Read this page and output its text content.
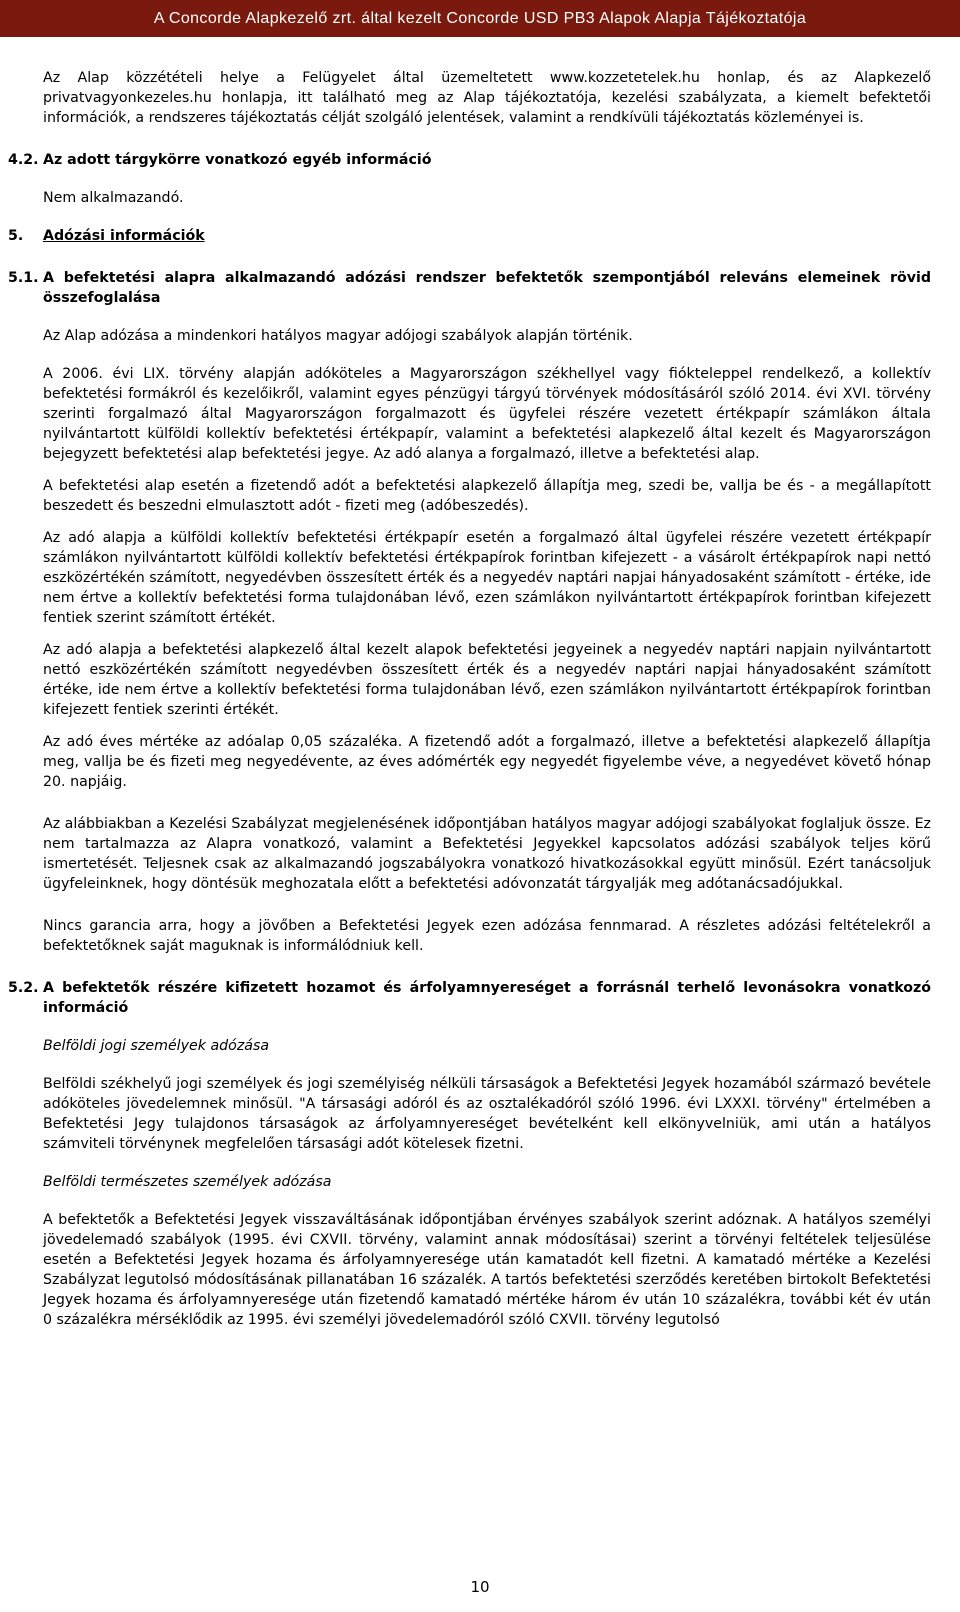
A Concorde Alapkezelő zrt. által kezelt Concorde USD PB3 Alapok Alapja Tájékoztatója

Az Alap közzétételi helye a Felügyelet által üzemeltetett www.kozzetetelek.hu honlap, és az Alapkezelő privatvagyonkezeles.hu honlapja, itt található meg az Alap tájékoztatója, kezelési szabályzata, a kiemelt befektetői információk, a rendszeres tájékoztatás célját szolgáló jelentések, valamint a rendkívüli tájékoztatás közleményei is.

4.2. Az adott tárgykörre vonatkozó egyéb információ

Nem alkalmazandó.

5. Adózási információk
5.1. A befektetési alapra alkalmazandó adózási rendszer befektetők szempontjából releváns elemeinek rövid összefoglalása

Az Alap adózása a mindenkori hatályos magyar adójogi szabályok alapján történik.

A 2006. évi LIX. törvény alapján adóköteles a Magyarországon székhellyel vagy fiókteleppel rendelkező, a kollektív befektetési formákról és kezelőikről, valamint egyes pénzügyi tárgyú törvények módosításáról szóló 2014. évi XVI. törvény szerinti forgalmazó által Magyarországon forgalmazott és ügyfelei részére vezetett értékpapír számlákon általa nyilvántartott külföldi kollektív befektetési értékpapír, valamint a befektetési alapkezelő által kezelt és Magyarországon bejegyzett befektetési alap befektetési jegye. Az adó alanya a forgalmazó, illetve a befektetési alap.

A befektetési alap esetén a fizetendő adót a befektetési alapkezelő állapítja meg, szedi be, vallja be és - a megállapított beszedett és beszedni elmulasztott adót - fizeti meg (adóbeszedés).

Az adó alapja a külföldi kollektív befektetési értékpapír esetén a forgalmazó által ügyfelei részére vezetett értékpapír számlákon nyilvántartott külföldi kollektív befektetési értékpapírok forintban kifejezett - a vásárolt értékpapírok napi nettó eszközértékén számított, negyedévben összesített érték és a negyedév naptári napjai hányadosaként számított - értéke, ide nem értve a kollektív befektetési forma tulajdonában lévő, ezen számlákon nyilvántartott értékpapírok forintban kifejezett fentiek szerint számított értékét.

Az adó alapja a befektetési alapkezelő által kezelt alapok befektetési jegyeinek a negyedév naptári napjain nyilvántartott nettó eszközértékén számított negyedévben összesített érték és a negyedév naptári napjai hányadosaként számított értéke, ide nem értve a kollektív befektetési forma tulajdonában lévő, ezen számlákon nyilvántartott értékpapírok forintban kifejezett fentiek szerinti értékét.

Az adó éves mértéke az adóalap 0,05 százaléka. A fizetendő adót a forgalmazó, illetve a befektetési alapkezelő állapítja meg, vallja be és fizeti meg negyedévente, az éves adómérték egy negyedét figyelembe véve, a negyedévet követő hónap 20. napjáig.

Az alábbiakban a Kezelési Szabályzat megjelenésének időpontjában hatályos magyar adójogi szabályokat foglaljuk össze. Ez nem tartalmazza az Alapra vonatkozó, valamint a Befektetési Jegyekkel kapcsolatos adózási szabályok teljes körű ismertetését. Teljesnek csak az alkalmazandó jogszabályokra vonatkozó hivatkozásokkal együtt minősül. Ezért tanácsoljuk ügyfeleinknek, hogy döntésük meghozatala előtt a befektetési adóvonzatát tárgyalják meg adótanácsadójukkal.

Nincs garancia arra, hogy a jövőben a Befektetési Jegyek ezen adózása fennmarad. A részletes adózási feltételekről a befektetőknek saját maguknak is informálódniuk kell.

5.2. A befektetők részére kifizetett hozamot és árfolyamnyereséget a forrásnál terhelő levonásokra vonatkozó információ

Belföldi jogi személyek adózása

Belföldi székhelyű jogi személyek és jogi személyiség nélküli társaságok a Befektetési Jegyek hozamából származó bevétele adóköteles jövedelemnek minősül. "A társasági adóról és az osztalékadóról szóló 1996. évi LXXXI. törvény" értelmében a Befektetési Jegy tulajdonos társaságok az árfolyamnyereséget bevételként kell elkönyvelniük, ami után a hatályos számviteli törvénynek megfelelően társasági adót kötelesek fizetni.

Belföldi természetes személyek adózása

A befektetők a Befektetési Jegyek visszaváltásának időpontjában érvényes szabályok szerint adóznak. A hatályos személyi jövedelemadó szabályok (1995. évi CXVII. törvény, valamint annak módosításai) szerint a törvényi feltételek teljesülése esetén a Befektetési Jegyek hozama és árfolyamnyeresége után kamatadót kell fizetni. A kamatadó mértéke a Kezelési Szabályzat legutolsó módosításának pillanatában 16 százalék. A tartós befektetési szerződés keretében birtokolt Befektetési Jegyek hozama és árfolyamnyeresége után fizetendő kamatadó mértéke három év után 10 százalékra, további két év után 0 százalékra mérséklődik az 1995. évi személyi jövedelemadóról szóló CXVII. törvény legutolsó

10
